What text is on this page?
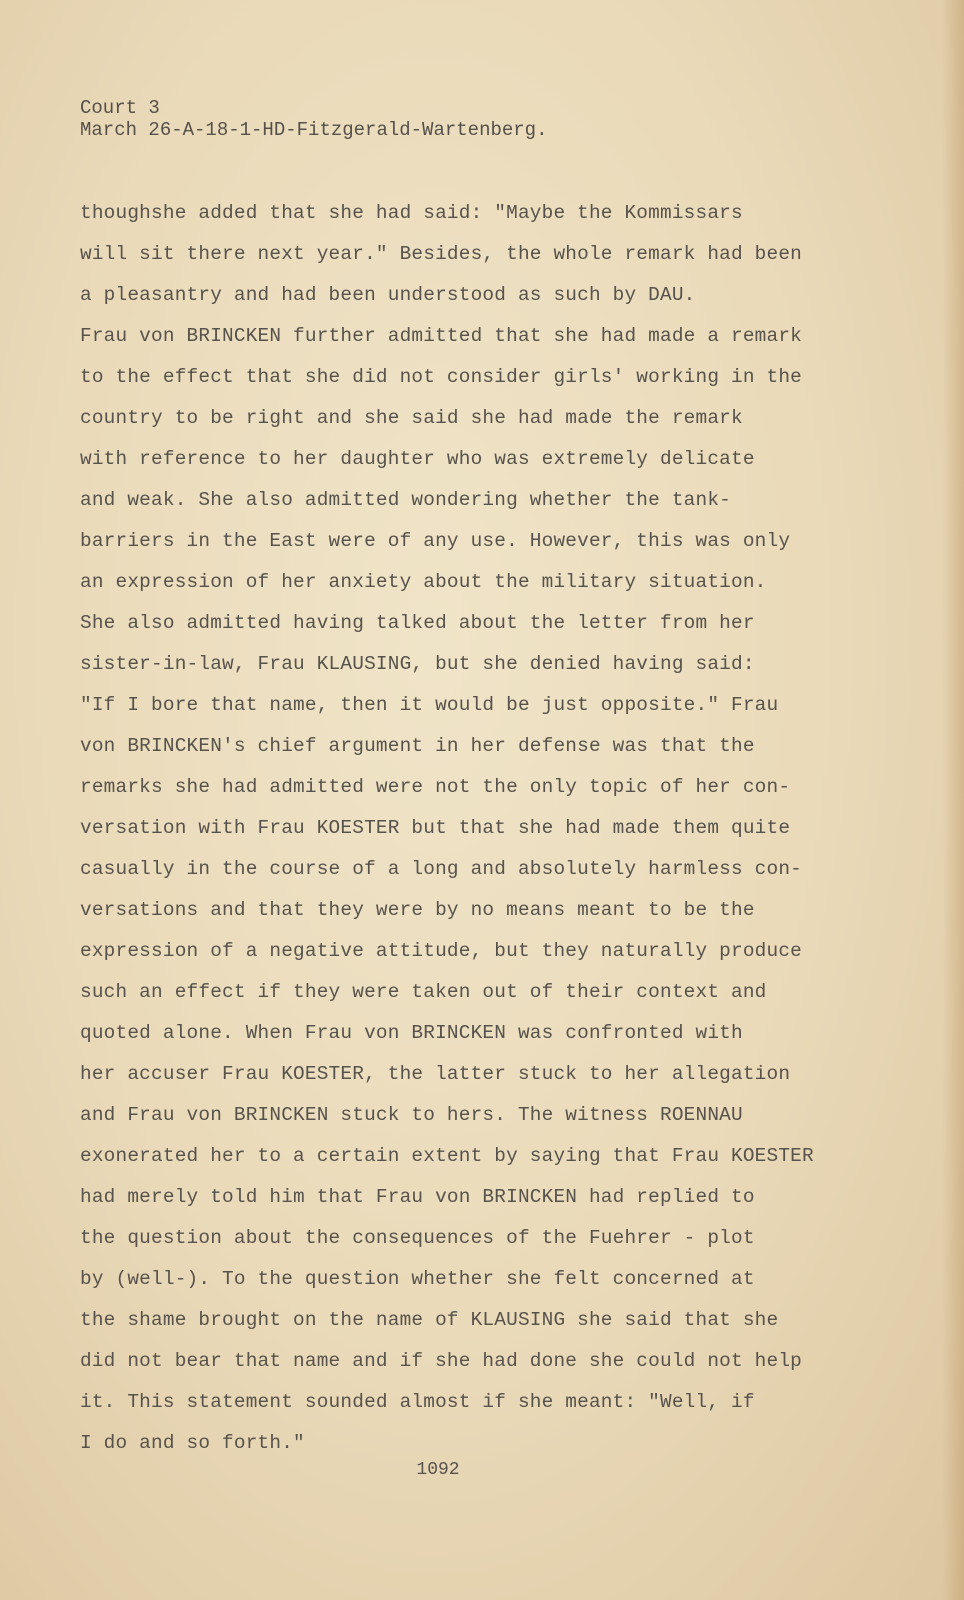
Court 3
March 26-A-18-1-HD-Fitzgerald-Wartenberg.
thoughshe added that she had said: "Maybe the Kommissars
will sit there next year." Besides, the whole remark had been
a pleasantry and had been understood as such by DAU.
Frau von BRINCKEN further admitted that she had made a remark
to the effect that she did not consider girls' working in the
country to be right and she said she had made the remark
with reference to her daughter who was extremely delicate
and weak. She also admitted wondering whether the tank-
barriers in the East were of any use. However, this was only
an expression of her anxiety about the military situation.
She also admitted having talked about the letter from her
sister-in-law, Frau KLAUSING, but she denied having said:
"If I bore that name, then it would be just opposite." Frau
von BRINCKEN's chief argument in her defense was that the
remarks she had admitted were not the only topic of her con-
versation with Frau KOESTER but that she had made them quite
casually in the course of a long and absolutely harmless con-
versations and that they were by no means meant to be the
expression of a negative attitude, but they naturally produce
such an effect if they were taken out of their context and
quoted alone. When Frau von BRINCKEN was confronted with
her accuser Frau KOESTER, the latter stuck to her allegation
and Frau von BRINCKEN stuck to hers. The witness ROENNAU
exonerated her to a certain extent by saying that Frau KOESTER
had merely told him that Frau von BRINCKEN had replied to
the question about the consequences of the Fuehrer - plot
by (well-). To the question whether she felt concerned at
the shame brought on the name of KLAUSING she said that she
did not bear that name and if she had done she could not help
it. This statement sounded almost if she meant: "Well, if
I do and so forth."
1092
